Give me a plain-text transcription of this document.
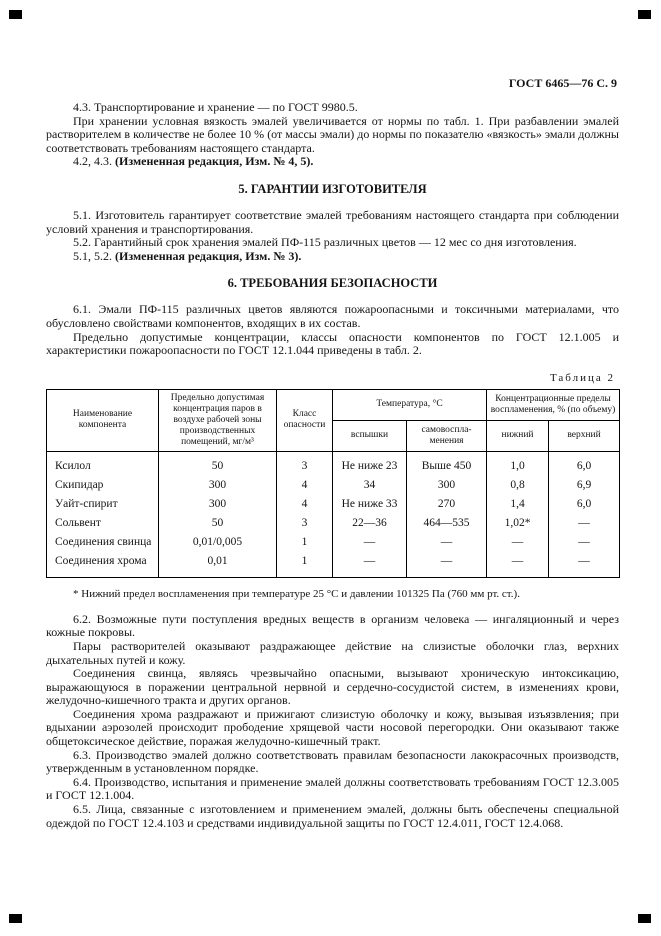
ГОСТ 6465—76 С. 9

4.3. Транспортирование и хранение — по ГОСТ 9980.5.

При хранении условная вязкость эмалей увеличивается от нормы по табл. 1. При разбавлении эмалей растворителем в количестве не более 10 % (от массы эмали) до нормы по показателю «вязкость» эмали должны соответствовать требованиям настоящего стандарта.

4.2, 4.3. (Измененная редакция, Изм. № 4, 5).

5. ГАРАНТИИ ИЗГОТОВИТЕЛЯ

5.1. Изготовитель гарантирует соответствие эмалей требованиям настоящего стандарта при соблюдении условий хранения и транспортирования.

5.2. Гарантийный срок хранения эмалей ПФ-115 различных цветов — 12 мес со дня изготовления.

5.1, 5.2. (Измененная редакция, Изм. № 3).

6. ТРЕБОВАНИЯ БЕЗОПАСНОСТИ

6.1. Эмали ПФ-115 различных цветов являются пожароопасными и токсичными материалами, что обусловлено свойствами компонентов, входящих в их состав.

Предельно допустимые концентрации, классы опасности компонентов по ГОСТ 12.1.005 и характеристики пожароопасности по ГОСТ 12.1.044 приведены в табл. 2.

Таблица 2
Наименование компонента	Предельно допустимая концентрация паров в воздухе рабочей зоны производственных помещений, мг/м³	Класс опасности	Температура, °С		Концентрационные пределы воспламенения, % (по объему)	
			вспышки	самовоспла-менения	нижний	верхний
Ксилол	50	3	Не ниже 23	Выше 450	1,0	6,0
Скипидар	300	4	34	300	0,8	6,9
Уайт-спирит	300	4	Не ниже 33	270	1,4	6,0
Сольвент	50	3	22—36	464—535	1,02*	—
Соединения свинца	0,01/0,005	1	—	—	—	—
Соединения хрома	0,01	1	—	—	—	—

* Нижний предел воспламенения при температуре 25 °С и давлении 101325 Па (760 мм рт. ст.).

6.2. Возможные пути поступления вредных веществ в организм человека — ингаляционный и через кожные покровы.

Пары растворителей оказывают раздражающее действие на слизистые оболочки глаз, верхних дыхательных путей и кожу.

Соединения свинца, являясь чрезвычайно опасными, вызывают хроническую интоксикацию, выражающуюся в поражении центральной нервной и сердечно-сосудистой систем, в изменениях крови, желудочно-кишечного тракта и других органов.

Соединения хрома раздражают и прижигают слизистую оболочку и кожу, вызывая изъязвления; при вдыхании аэрозолей происходит прободение хрящевой части носовой перегородки. Они оказывают также общетоксическое действие, поражая желудочно-кишечный тракт.

6.3. Производство эмалей должно соответствовать правилам безопасности лакокрасочных производств, утвержденным в установленном порядке.

6.4. Производство, испытания и применение эмалей должны соответствовать требованиям ГОСТ 12.3.005 и ГОСТ 12.1.004.

6.5. Лица, связанные с изготовлением и применением эмалей, должны быть обеспечены специальной одеждой по ГОСТ 12.4.103 и средствами индивидуальной защиты по ГОСТ 12.4.011, ГОСТ 12.4.068.
